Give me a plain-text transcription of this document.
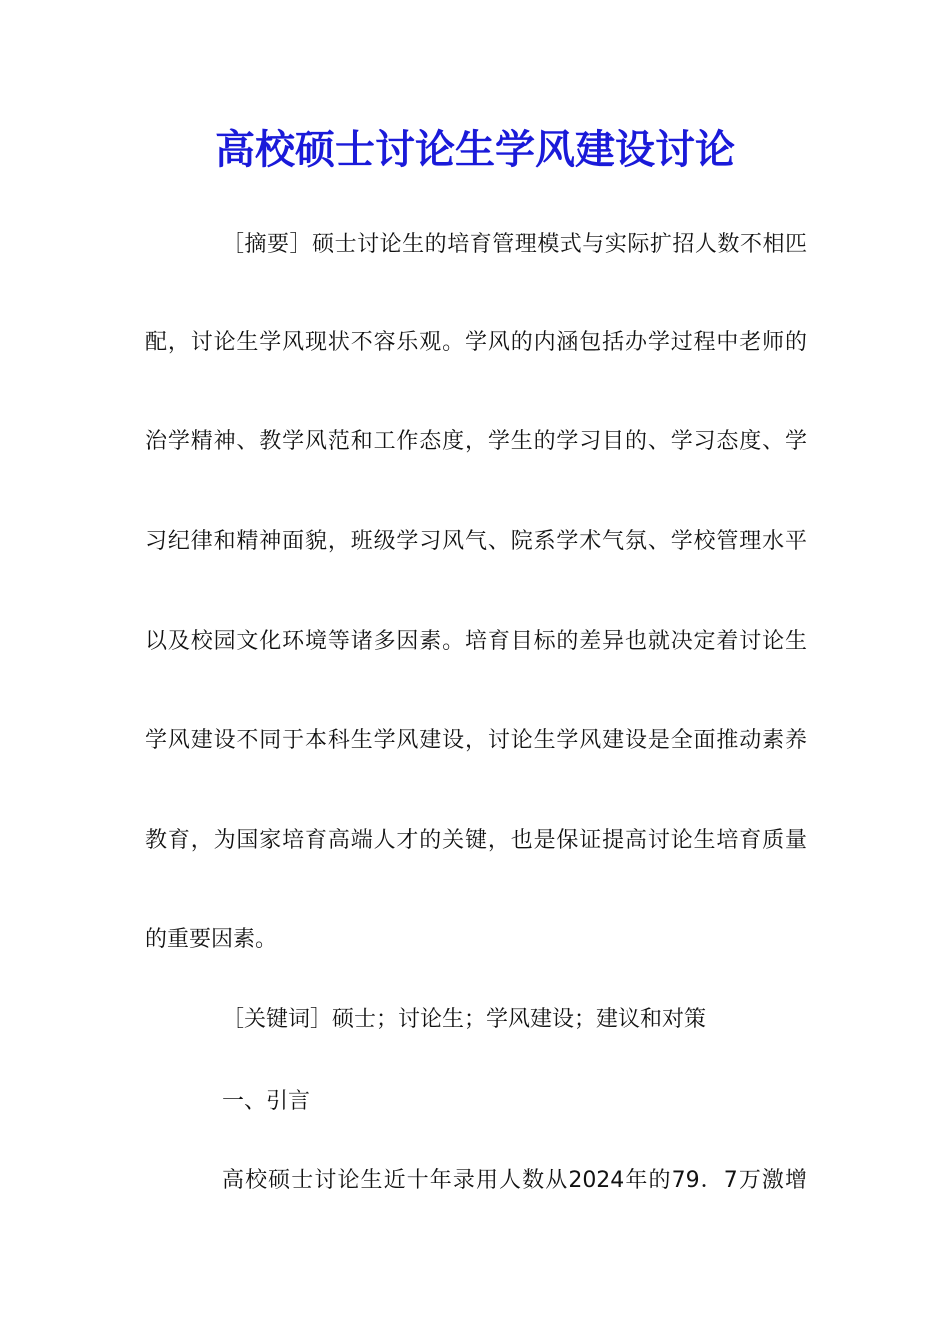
高校硕士讨论生学风建设讨论
［摘要］硕士讨论生的培育管理模式与实际扩招人数不相匹
配，讨论生学风现状不容乐观。学风的内涵包括办学过程中老师的
治学精神、教学风范和工作态度，学生的学习目的、学习态度、学
习纪律和精神面貌，班级学习风气、院系学术气氛、学校管理水平
以及校园文化环境等诸多因素。培育目标的差异也就决定着讨论生
学风建设不同于本科生学风建设，讨论生学风建设是全面推动素养
教育，为国家培育高端人才的关键，也是保证提高讨论生培育质量
的重要因素。
［关键词］硕士；讨论生；学风建设；建议和对策
一、引言
高校硕士讨论生近十年录用人数从2024年的79．7万激增
